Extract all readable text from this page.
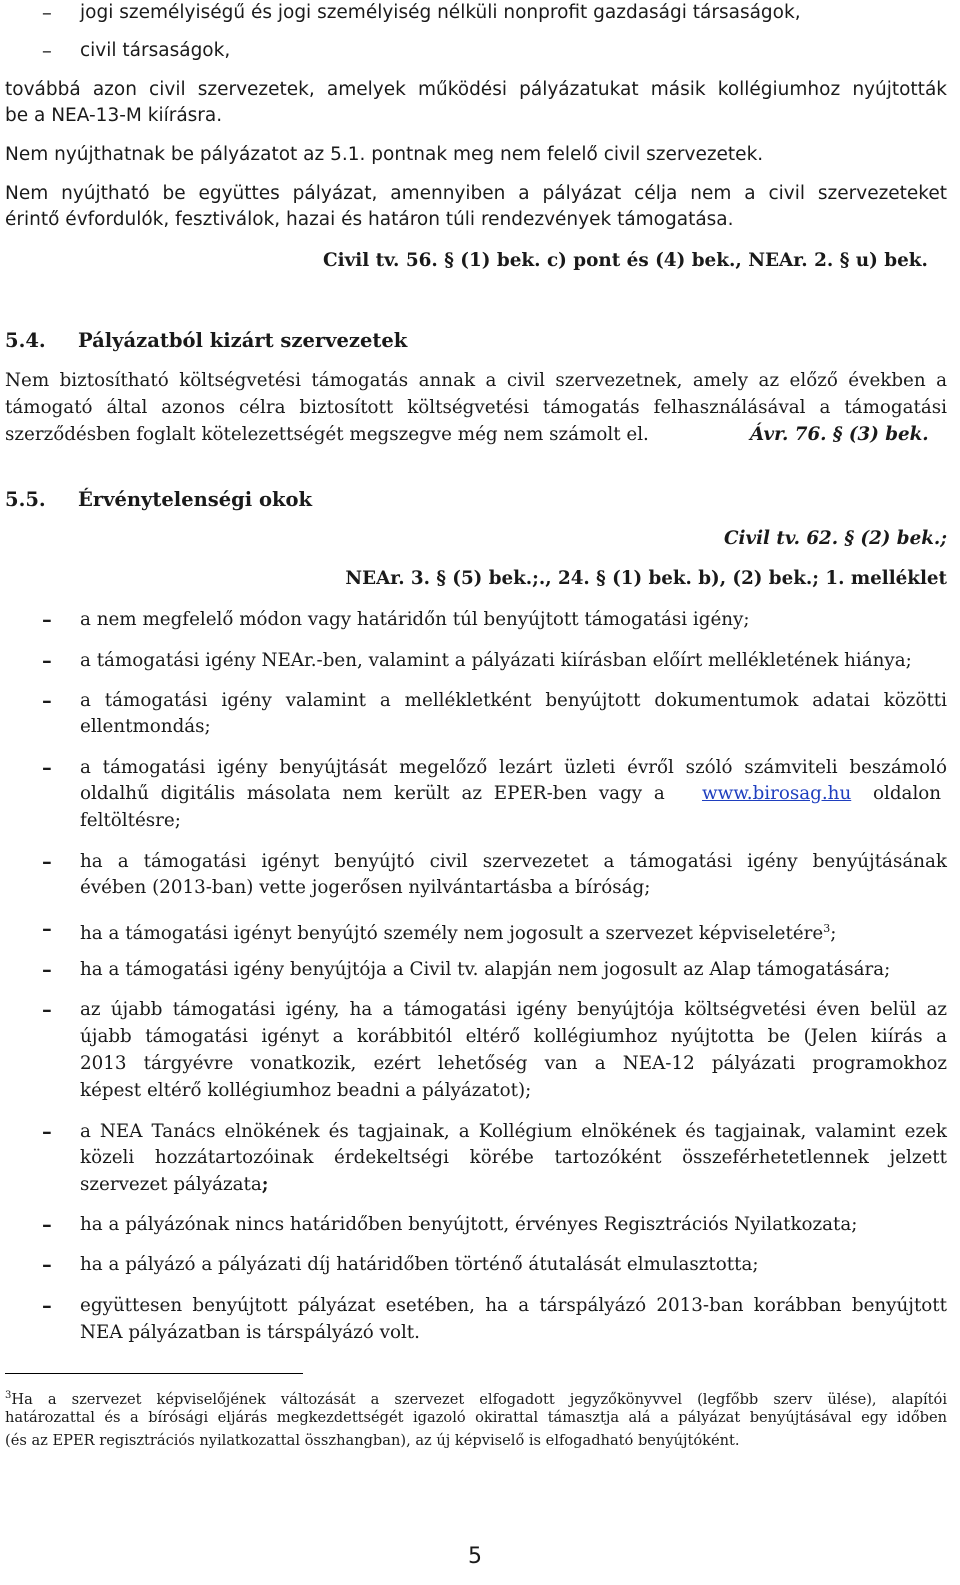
– jogi személyiségű és jogi személyiség nélküli nonprofit gazdasági társaságok,
– civil társaságok,
továbbá azon civil szervezetek, amelyek működési pályázatukat másik kollégiumhoz nyújtották
be a NEA-13-M kiírásra.
Nem nyújthatnak be pályázatot az 5.1. pontnak meg nem felelő civil szervezetek.
Nem nyújtható be együttes pályázat, amennyiben a pályázat célja nem a civil szervezeteket
érintő évfordulók, fesztiválok, hazai és határon túli rendezvények támogatása.
Civil tv. 56. § (1) bek. c) pont és (4) bek., NEAr. 2. § u) bek.
5.4. Pályázatból kizárt szervezetek
Nem biztosítható költségvetési támogatás annak a civil szervezetnek, amely az előző években a
támogató által azonos célra biztosított költségvetési támogatás felhasználásával a támogatási
szerződésben foglalt kötelezettségét megszegve még nem számolt el.	Ávr. 76. § (3) bek.
5.5. Érvénytelenségi okok
Civil tv. 62. § (2) bek.;
NEAr. 3. § (5) bek.;., 24. § (1) bek. b), (2) bek.; 1. melléklet
– a nem megfelelő módon vagy határidőn túl benyújtott támogatási igény;
– a támogatási igény NEAr.-ben, valamint a pályázati kiírásban előírt mellékletének hiánya;
– a támogatási igény valamint a mellékletként benyújtott dokumentumok adatai közötti
ellentmondás;
– a támogatási igény benyújtását megelőző lezárt üzleti évről szóló számviteli beszámoló
oldalhű digitális másolata nem került az EPER-ben vagy a www.birosag.hu oldalon
feltöltésre;
– ha a támogatási igényt benyújtó civil szervezetet a támogatási igény benyújtásának
évében (2013-ban) vette jogerősen nyilvántartásba a bíróság;
– ha a támogatási igényt benyújtó személy nem jogosult a szervezet képviseletére$^3$;
– ha a támogatási igény benyújtója a Civil tv. alapján nem jogosult az Alap támogatására;
– az újabb támogatási igény, ha a támogatási igény benyújtója költségvetési éven belül az
újabb támogatási igényt a korábbitól eltérő kollégiumhoz nyújtotta be (Jelen kiírás a
2013 tárgyévre vonatkozik, ezért lehetőség van a NEA-12 pályázati programokhoz
képest eltérő kollégiumhoz beadni a pályázatot);
– a NEA Tanács elnökének és tagjainak, a Kollégium elnökének és tagjainak, valamint ezek
közeli hozzátartozóinak érdekeltségi körébe tartozóként összeférhetetlennek jelzett
szervezet pályázata;
– ha a pályázónak nincs határidőben benyújtott, érvényes Regisztrációs Nyilatkozata;
– ha a pályázó a pályázati díj határidőben történő átutalását elmulasztotta;
– együttesen benyújtott pályázat esetében, ha a társpályázó 2013-ban korábban benyújtott
NEA pályázatban is társpályázó volt.
$^3$Ha a szervezet képviselőjének változását a szervezet elfogadott jegyzőkönyvvel (legfőbb szerv ülése), alapítói
határozattal és a bírósági eljárás megkezdettségét igazoló okirattal támasztja alá a pályázat benyújtásával egy időben
(és az EPER regisztrációs nyilatkozattal összhangban), az új képviselő is elfogadható benyújtóként.
5
